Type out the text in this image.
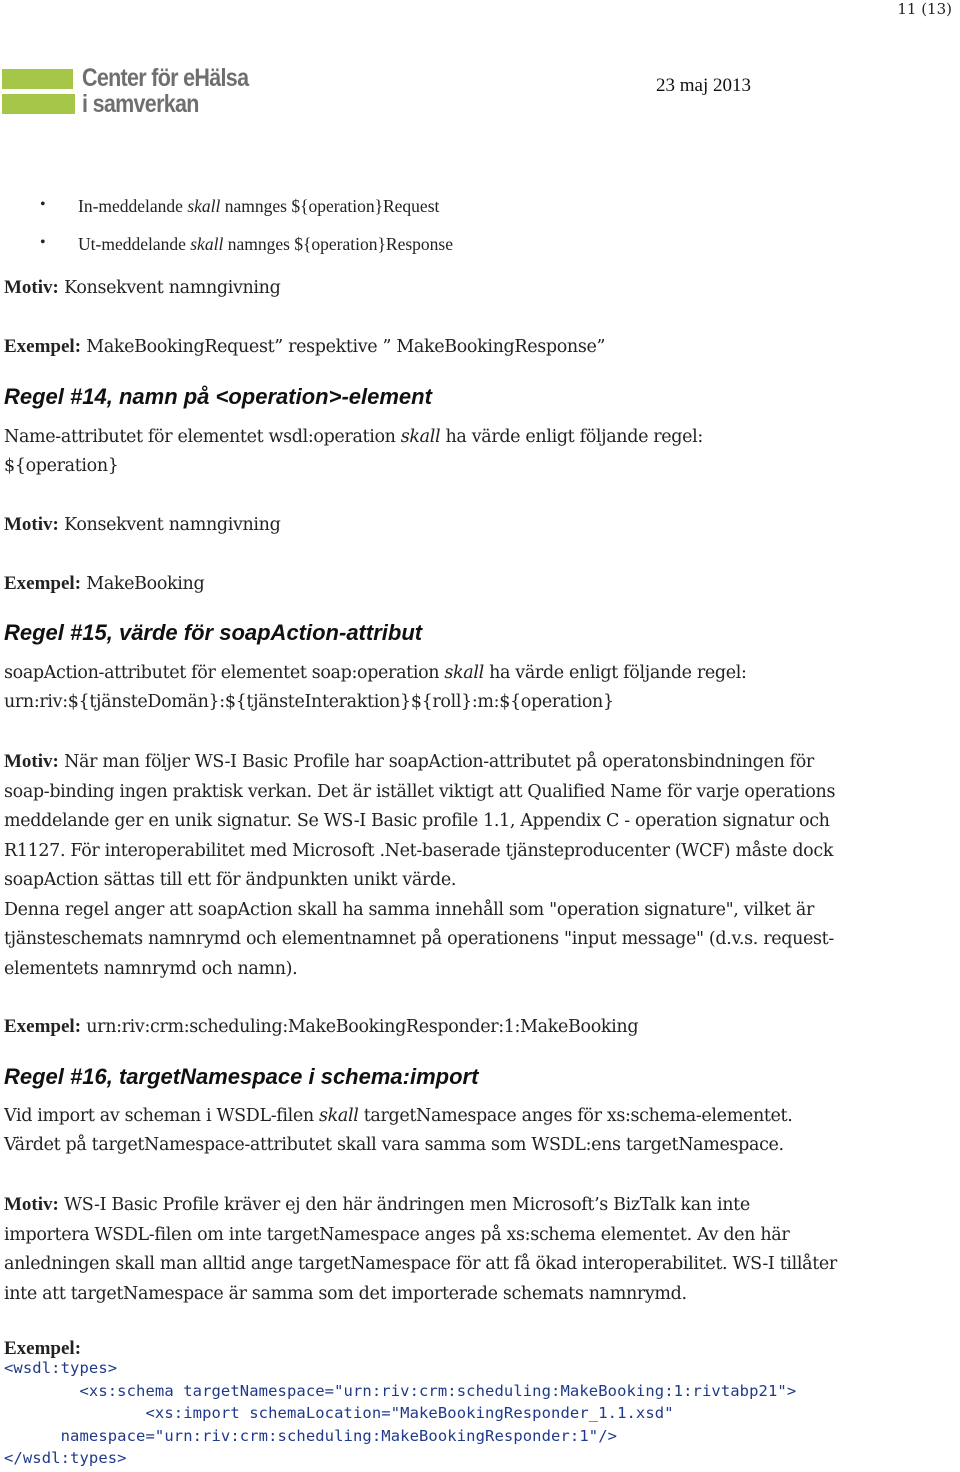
11 (13)
Center för eHälsa
i samverkan
23 maj 2013
• In-meddelande skall namnges ${operation}Request
• Ut-meddelande skall namnges ${operation}Response
Motiv: Konsekvent namngivning
Exempel: MakeBookingRequest” respektive ” MakeBookingResponse”
Regel #14, namn på <operation>-element
Name-attributet för elementet wsdl:operation skall ha värde enligt följande regel:
${operation}
Motiv: Konsekvent namngivning
Exempel: MakeBooking
Regel #15, värde för soapAction-attribut
soapAction-attributet för elementet soap:operation skall ha värde enligt följande regel:
urn:riv:${tjänsteDomän}:${tjänsteInteraktion}${roll}:m:${operation}
Motiv: När man följer WS-I Basic Profile har soapAction-attributet på operatonsbindningen för
soap-binding ingen praktisk verkan. Det är istället viktigt att Qualified Name för varje operations
meddelande ger en unik signatur. Se WS-I Basic profile 1.1, Appendix C - operation signatur och
R1127. För interoperabilitet med Microsoft .Net-baserade tjänsteproducenter (WCF) måste dock
soapAction sättas till ett för ändpunkten unikt värde.
Denna regel anger att soapAction skall ha samma innehåll som "operation signature", vilket är
tjänsteschemats namnrymd och elementnamnet på operationens "input message" (d.v.s. request-
elementets namnrymd och namn).
Exempel: urn:riv:crm:scheduling:MakeBookingResponder:1:MakeBooking
Regel #16, targetNamespace i schema:import
Vid import av scheman i WSDL-filen skall targetNamespace anges för xs:schema-elementet.
Värdet på targetNamespace-attributet skall vara samma som WSDL:ens targetNamespace.
Motiv: WS-I Basic Profile kräver ej den här ändringen men Microsoft’s BizTalk kan inte
importera WSDL-filen om inte targetNamespace anges på xs:schema elementet. Av den här
anledningen skall man alltid ange targetNamespace för att få ökad interoperabilitet. WS-I tillåter
inte att targetNamespace är samma som det importerade schemats namnrymd.
Exempel:
<wsdl:types>
<xs:schema targetNamespace="urn:riv:crm:scheduling:MakeBooking:1:rivtabp21">
<xs:import schemaLocation="MakeBookingResponder_1.1.xsd"
namespace="urn:riv:crm:scheduling:MakeBookingResponder:1"/>
</wsdl:types>
